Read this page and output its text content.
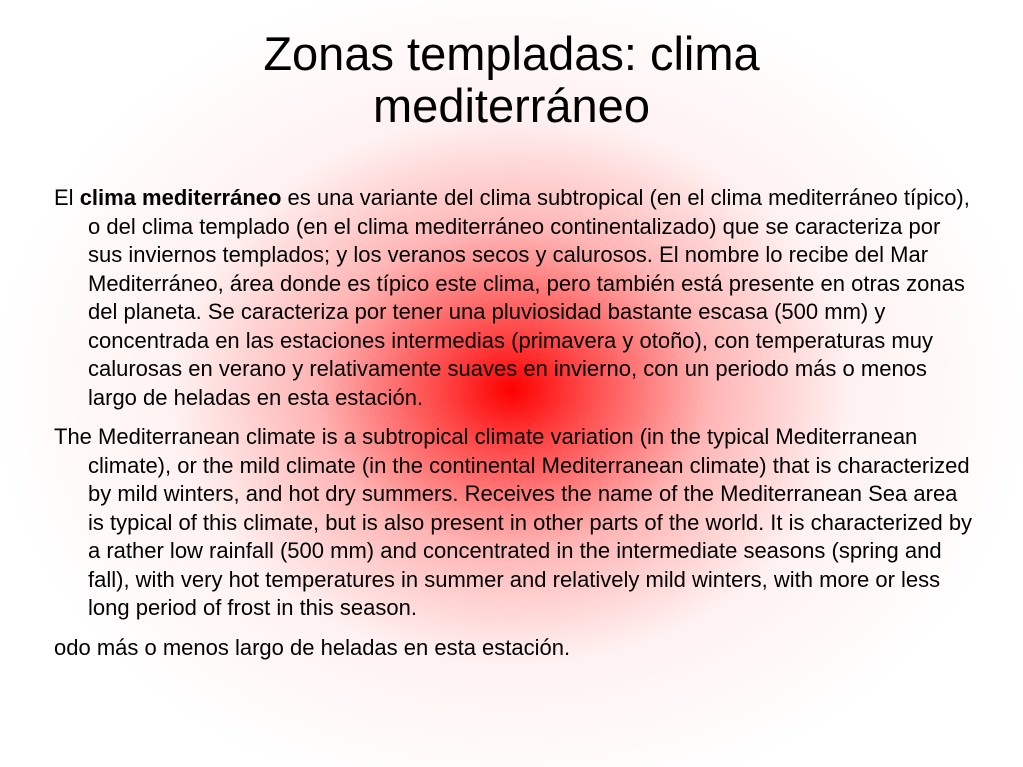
Zonas templadas: clima
mediterráneo

El clima mediterráneo es una variante del clima subtropical (en el clima mediterráneo típico), o del clima templado (en el clima mediterráneo continentalizado) que se caracteriza por sus inviernos templados; y los veranos secos y calurosos. El nombre lo recibe del Mar Mediterráneo, área donde es típico este clima, pero también está presente en otras zonas del planeta. Se caracteriza por tener una pluviosidad bastante escasa (500 mm) y concentrada en las estaciones intermedias (primavera y otoño), con temperaturas muy calurosas en verano y relativamente suaves en invierno, con un periodo más o menos largo de heladas en esta estación.

The Mediterranean climate is a subtropical climate variation (in the typical Mediterranean climate), or the mild climate (in the continental Mediterranean climate) that is characterized by mild winters, and hot dry summers. Receives the name of the Mediterranean Sea area is typical of this climate, but is also present in other parts of the world. It is characterized by a rather low rainfall (500 mm) and concentrated in the intermediate seasons (spring and fall), with very hot temperatures in summer and relatively mild winters, with more or less long period of frost in this season.

odo más o menos largo de heladas en esta estación.
